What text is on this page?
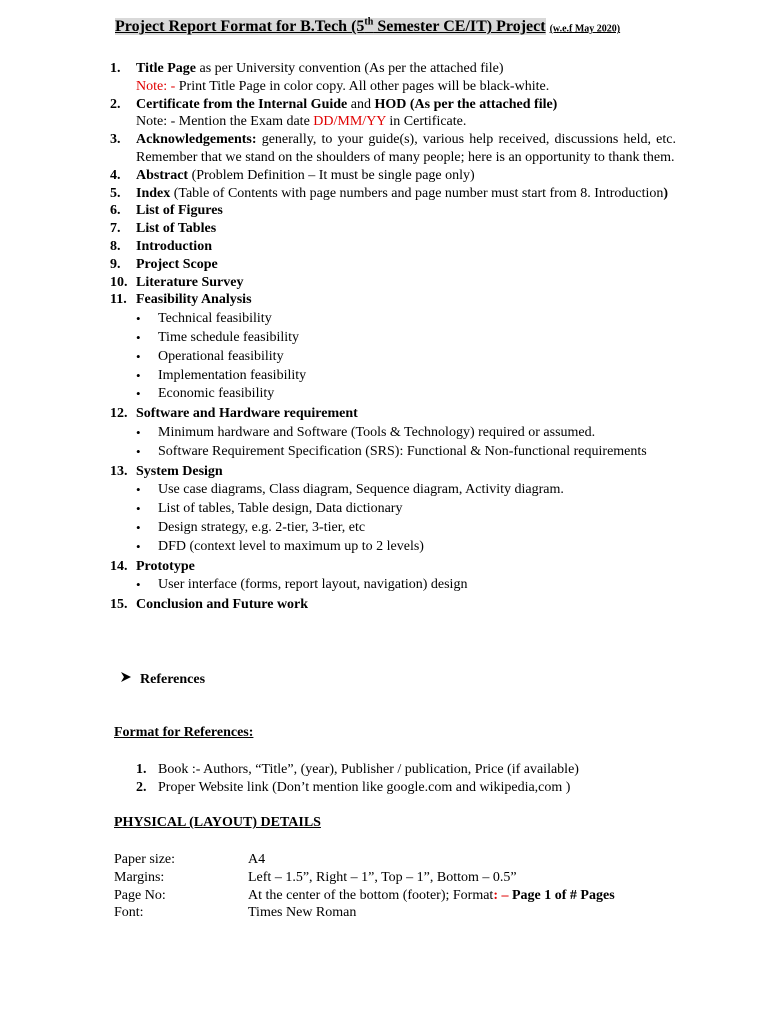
Project Report Format for B.Tech (5th Semester CE/IT) Project (w.e.f May 2020)
1. Title Page as per University convention (As per the attached file)
Note: - Print Title Page in color copy. All other pages will be black-white.
2. Certificate from the Internal Guide and HOD (As per the attached file)
Note: - Mention the Exam date DD/MM/YY in Certificate.
3. Acknowledgements: generally, to your guide(s), various help received, discussions held, etc. Remember that we stand on the shoulders of many people; here is an opportunity to thank them.
4. Abstract (Problem Definition – It must be single page only)
5. Index (Table of Contents with page numbers and page number must start from 8. Introduction)
6. List of Figures
7. List of Tables
8. Introduction
9. Project Scope
10. Literature Survey
11. Feasibility Analysis
• Technical feasibility
• Time schedule feasibility
• Operational feasibility
• Implementation feasibility
• Economic feasibility
12. Software and Hardware requirement
• Minimum hardware and Software (Tools & Technology) required or assumed.
• Software Requirement Specification (SRS): Functional & Non-functional requirements
13. System Design
• Use case diagrams, Class diagram, Sequence diagram, Activity diagram.
• List of tables, Table design, Data dictionary
• Design strategy, e.g. 2-tier, 3-tier, etc
• DFD (context level to maximum up to 2 levels)
14. Prototype
• User interface (forms, report layout, navigation) design
15. Conclusion and Future work
References
Format for References:
1. Book :- Authors, “Title”, (year), Publisher / publication, Price (if available)
2. Proper Website link (Don’t mention like google.com and wikipedia,com )
PHYSICAL (LAYOUT) DETAILS
Paper size:	A4
Margins:	Left – 1.5”, Right – 1”, Top – 1”, Bottom – 0.5”
Page No:	At the center of the bottom (footer); Format: – Page 1 of # Pages
Font:	Times New Roman
